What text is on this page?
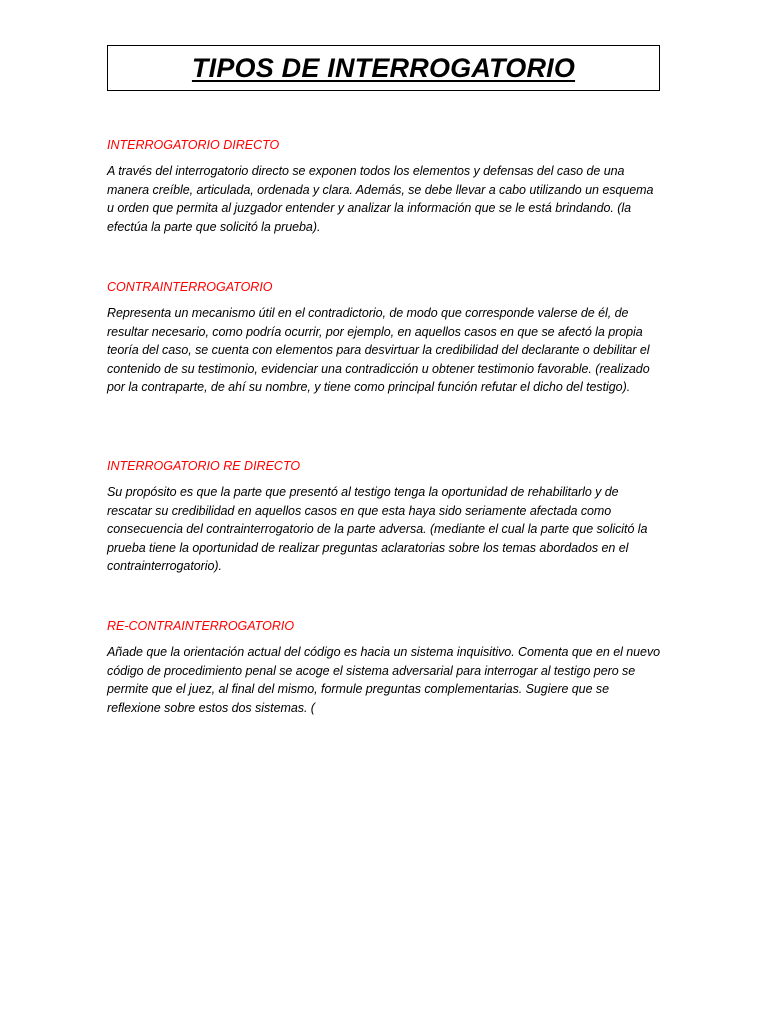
TIPOS DE INTERROGATORIO

INTERROGATORIO DIRECTO

A través del interrogatorio directo se exponen todos los elementos y defensas del caso de una manera creíble, articulada, ordenada y clara. Además, se debe llevar a cabo utilizando un esquema u orden que permita al juzgador entender y analizar la información que se le está brindando. (la efectúa la parte que solicitó la prueba).

CONTRAINTERROGATORIO

Representa un mecanismo útil en el contradictorio, de modo que corresponde valerse de él, de resultar necesario, como podría ocurrir, por ejemplo, en aquellos casos en que se afectó la propia teoría del caso, se cuenta con elementos para desvirtuar la credibilidad del declarante o debilitar el contenido de su testimonio, evidenciar una contradicción u obtener testimonio favorable. (realizado por la contraparte, de ahí su nombre, y tiene como principal función refutar el dicho del testigo).

INTERROGATORIO RE DIRECTO

Su propósito es que la parte que presentó al testigo tenga la oportunidad de rehabilitarlo y de rescatar su credibilidad en aquellos casos en que esta haya sido seriamente afectada como consecuencia del contrainterrogatorio de la parte adversa. (mediante el cual la parte que solicitó la prueba tiene la oportunidad de realizar preguntas aclaratorias sobre los temas abordados en el contrainterrogatorio).

RE-CONTRAINTERROGATORIO

Añade que la orientación actual del código es hacia un sistema inquisitivo. Comenta que en el nuevo código de procedimiento penal se acoge el sistema adversarial para interrogar al testigo pero se permite que el juez, al final del mismo, formule preguntas complementarias. Sugiere que se reflexione sobre estos dos sistemas. (
